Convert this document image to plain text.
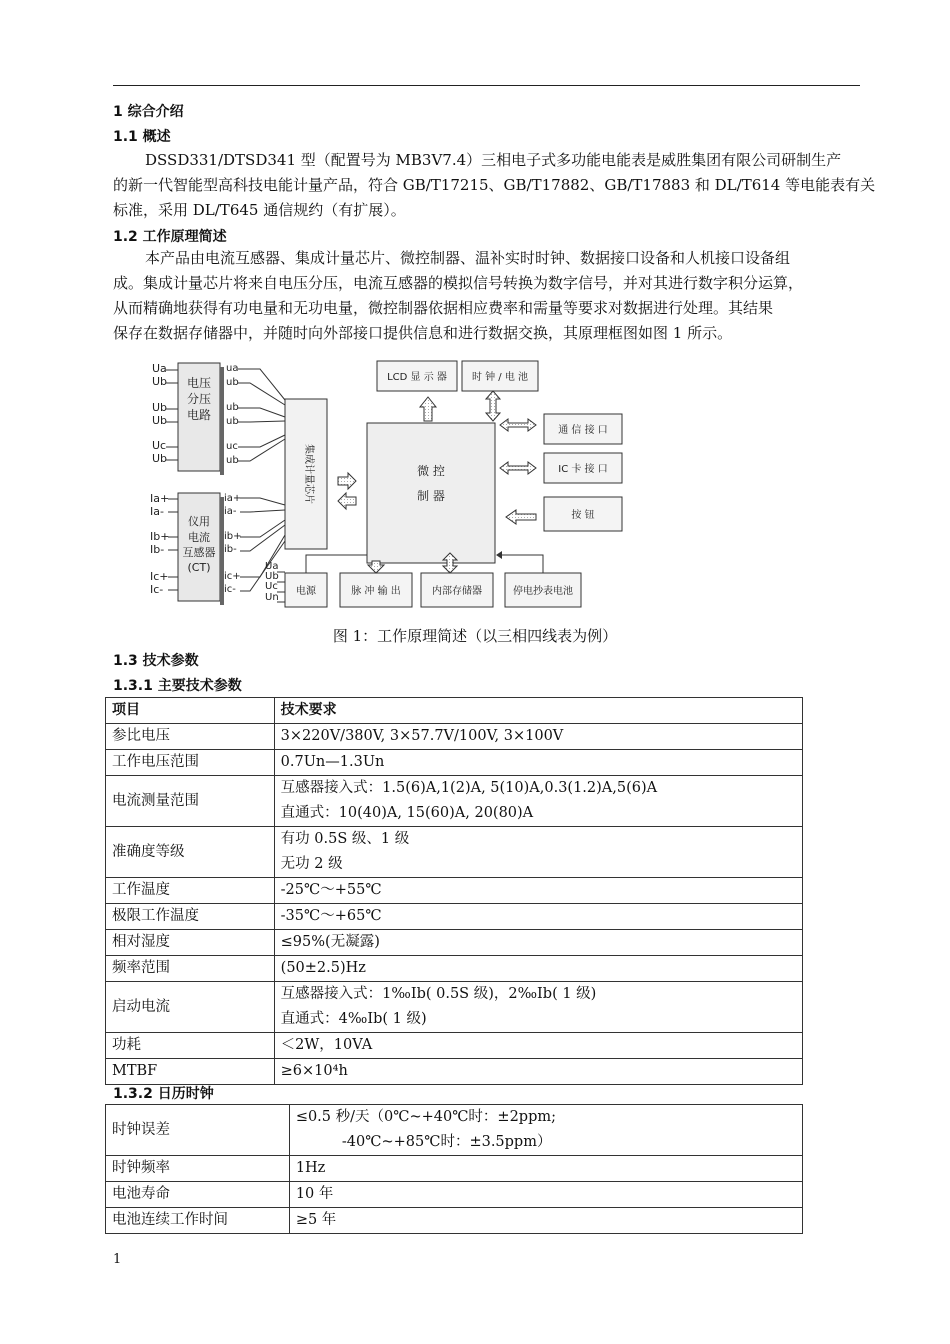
1 综合介绍
1.1 概述
DSSD331/DTSD341 型（配置号为 MB3V7.4）三相电子式多功能电能表是威胜集团有限公司研制生产
的新一代智能型高科技电能计量产品，符合 GB/T17215、GB/T17882、GB/T17883 和 DL/T614 等电能表有关
标准，采用 DL/T645 通信规约（有扩展）。
1.2 工作原理简述
本产品由电流互感器、集成计量芯片、微控制器、温补实时时钟、数据接口设备和人机接口设备组
成。集成计量芯片将来自电压分压，电流互感器的模拟信号转换为数字信号，并对其进行数字积分运算，
从而精确地获得有功电量和无功电量，微控制器依据相应费率和需量等要求对数据进行处理。其结果
保存在数据存储器中，并随时向外部接口提供信息和进行数据交换，其原理框图如图 1 所示。
电压
分压
电路
Ua
Ub
Ub
Ub
Uc
Ub
ua
ub
ub
ub
uc
ub
仪用
电流
互感器
(CT)
Ia+
Ia-
Ib+
Ib-
Ic+
Ic-
ia+
ia-
ib+
ib-
ic+
ic-
集成计量芯片	微 控
制 器
LCD 显 示 器	时 钟 / 电 池
通 信 接 口
IC 卡 接 口
按 钮
Ua
Ub
Uc
Un
电源	脉 冲 输 出	内部存储器	停电抄表电池
图 1：工作原理简述（以三相四线表为例）
1.3 技术参数
1.3.1 主要技术参数
项目	技术要求
参比电压	3×220V/380V, 3×57.7V/100V, 3×100V

工作电压范围	0.7Un—1.3Un

电流测量范围	互感器接入式：1.5(6)A,1(2)A, 5(10)A,0.3(1.2)A,5(6)A
直通式：10(40)A, 15(60)A, 20(80)A

准确度等级	有功 0.5S 级、1 级
无功 2 级

工作温度	-25℃～+55℃

极限工作温度	-35℃～+65℃

相对湿度	≤95%(无凝露)

频率范围	(50±2.5)Hz

启动电流	互感器接入式：1‰Ib( 0.5S 级)，2‰Ib( 1 级)
直通式：4‰Ib( 1 级)

功耗	＜2W，10VA

MTBF	≥6×10⁴h
1.3.2 日历时钟
时钟误差	≤0.5 秒/天（0℃~+40℃时：±2ppm;
-40℃~+85℃时：±3.5ppm）

时钟频率	1Hz

电池寿命	10 年

电池连续工作时间	≥5 年
1
